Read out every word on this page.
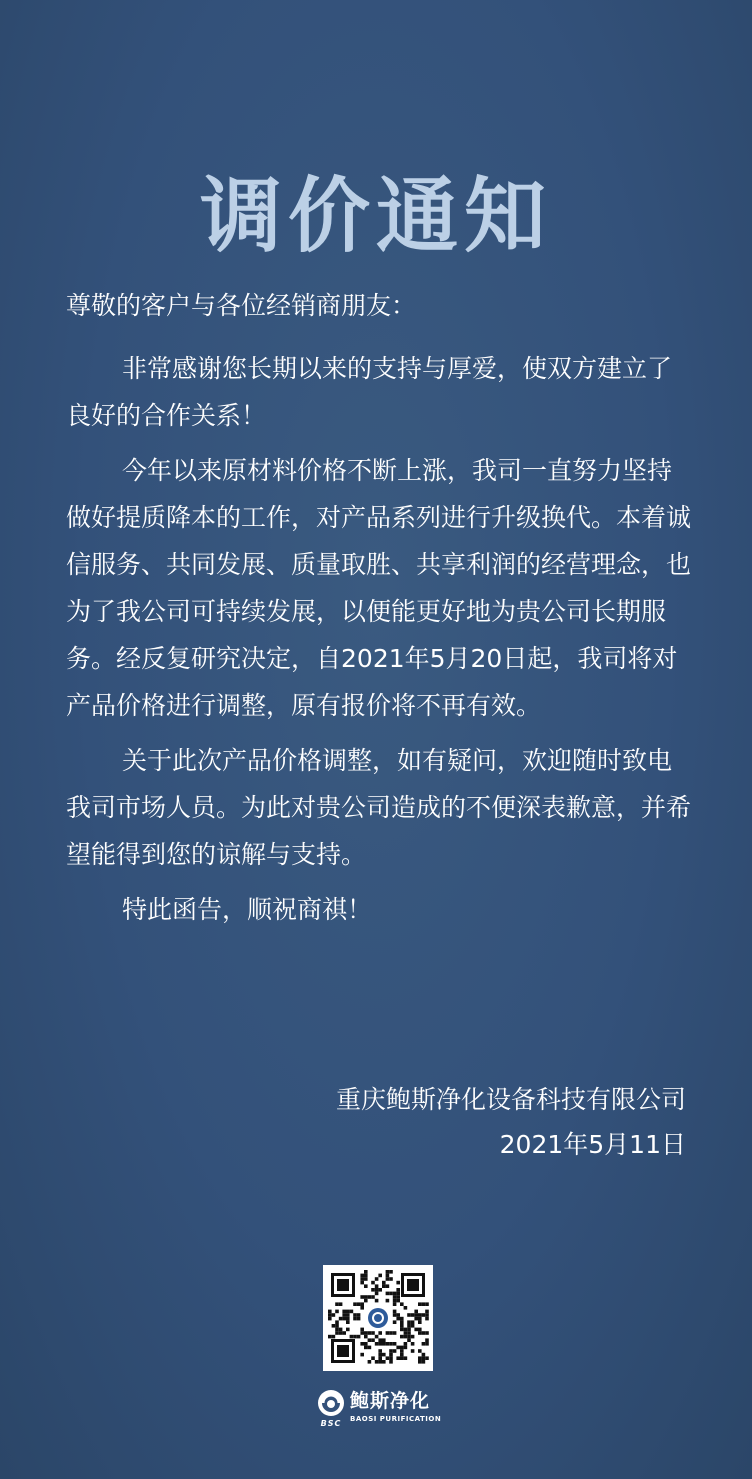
调价通知

尊敬的客户与各位经销商朋友：

非常感谢您长期以来的支持与厚爱，使双方建立了良好的合作关系！

今年以来原材料价格不断上涨，我司一直努力坚持做好提质降本的工作，对产品系列进行升级换代。本着诚信服务、共同发展、质量取胜、共享利润的经营理念，也为了我公司可持续发展，以便能更好地为贵公司长期服务。经反复研究决定，自2021年5月20日起，我司将对产品价格进行调整，原有报价将不再有效。

关于此次产品价格调整，如有疑问，欢迎随时致电我司市场人员。为此对贵公司造成的不便深表歉意，并希望能得到您的谅解与支持。

特此函告，顺祝商祺！

重庆鲍斯净化设备科技有限公司
2021年5月11日
BSC
鲍斯净化
BAOSI PURIFICATION
